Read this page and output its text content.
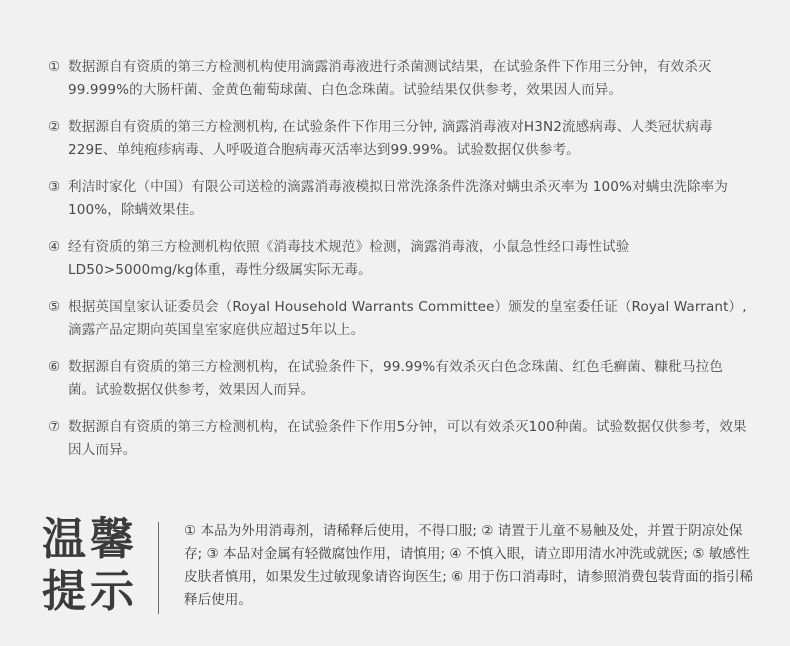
① 数据源自有资质的第三方检测机构使用滴露消毒液进行杀菌测试结果，在试验条件下作用三分钟，有效杀灭99.999%的大肠杆菌、金黄色葡萄球菌、白色念珠菌。试验结果仅供参考，效果因人而异。
② 数据源自有资质的第三方检测机构, 在试验条件下作用三分钟, 滴露消毒液对H3N2流感病毒、人类冠状病毒229E、单纯疱疹病毒、人呼吸道合胞病毒灭活率达到99.99%。试验数据仅供参考。
③ 利洁时家化（中国）有限公司送检的滴露消毒液模拟日常洗涤条件洗涤对螨虫杀灭率为 100%对螨虫洗除率为100%，除螨效果佳。
④ 经有资质的第三方检测机构依照《消毒技术规范》检测，滴露消毒液，小鼠急性经口毒性试验LD50>5000mg/kg体重，毒性分级属实际无毒。
⑤ 根据英国皇家认证委员会（Royal Household Warrants Committee）颁发的皇室委任证（Royal Warrant）,滴露产品定期向英国皇室家庭供应超过5年以上。
⑥ 数据源自有资质的第三方检测机构，在试验条件下，99.99%有效杀灭白色念珠菌、红色毛癣菌、糠秕马拉色菌。试验数据仅供参考，效果因人而异。
⑦ 数据源自有资质的第三方检测机构，在试验条件下作用5分钟，可以有效杀灭100种菌。试验数据仅供参考，效果因人而异。
温馨提示
① 本品为外用消毒剂，请稀释后使用，不得口服; ② 请置于儿童不易触及处，并置于阴凉处保存; ③ 本品对金属有轻微腐蚀作用，请慎用; ④ 不慎入眼，请立即用清水冲洗或就医; ⑤ 敏感性皮肤者慎用，如果发生过敏现象请咨询医生; ⑥ 用于伤口消毒时，请参照消费包装背面的指引稀释后使用。
